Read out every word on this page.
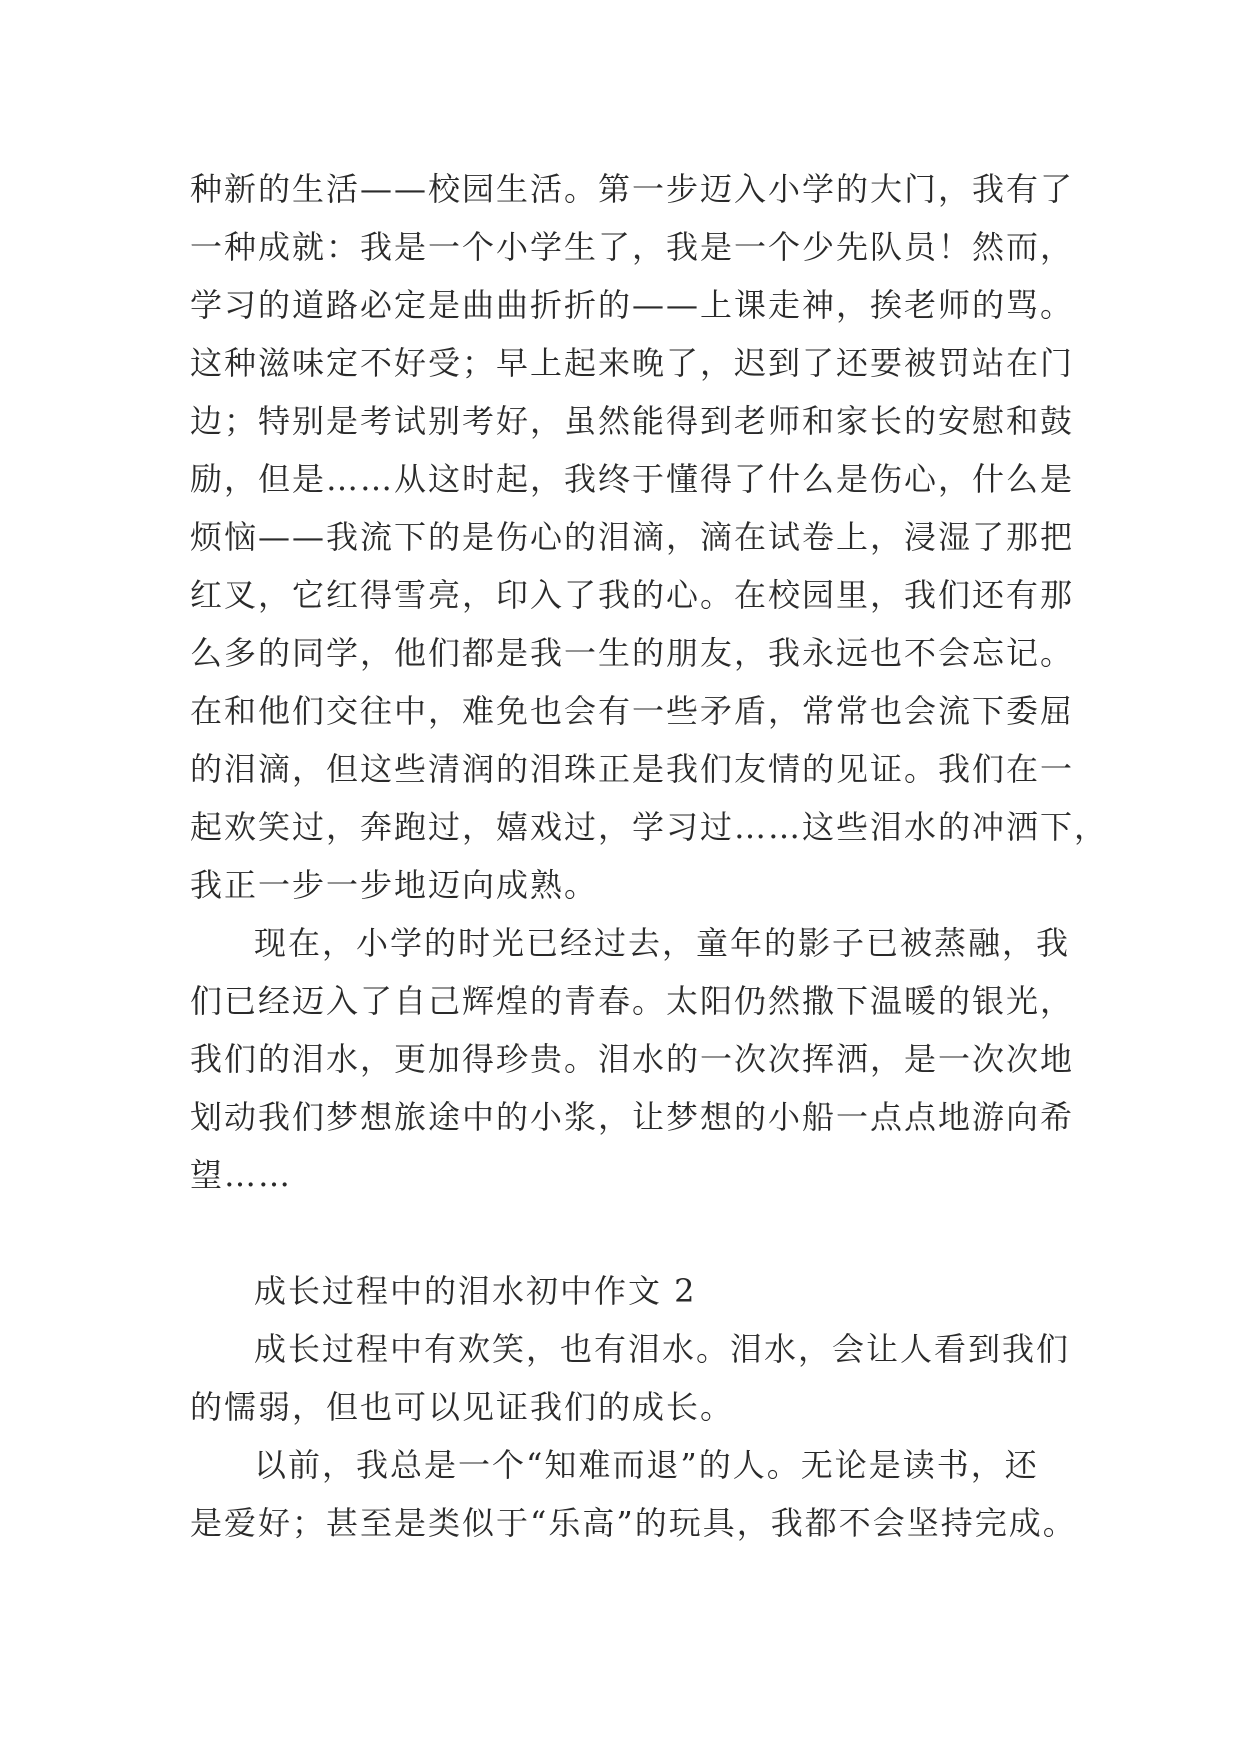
种新的生活——校园生活。第一步迈入小学的大门，我有了
一种成就：我是一个小学生了，我是一个少先队员！然而，
学习的道路必定是曲曲折折的——上课走神，挨老师的骂。
这种滋味定不好受；早上起来晚了，迟到了还要被罚站在门
边；特别是考试别考好，虽然能得到老师和家长的安慰和鼓
励，但是……从这时起，我终于懂得了什么是伤心，什么是
烦恼——我流下的是伤心的泪滴，滴在试卷上，浸湿了那把
红叉，它红得雪亮，印入了我的心。在校园里，我们还有那
么多的同学，他们都是我一生的朋友，我永远也不会忘记。
在和他们交往中，难免也会有一些矛盾，常常也会流下委屈
的泪滴，但这些清润的泪珠正是我们友情的见证。我们在一
起欢笑过，奔跑过，嬉戏过，学习过……这些泪水的冲洒下，
我正一步一步地迈向成熟。
现在，小学的时光已经过去，童年的影子已被蒸融，我
们已经迈入了自己辉煌的青春。太阳仍然撒下温暖的银光，
我们的泪水，更加得珍贵。泪水的一次次挥洒，是一次次地
划动我们梦想旅途中的小浆，让梦想的小船一点点地游向希
望……
成长过程中的泪水初中作文 2
成长过程中有欢笑，也有泪水。泪水，会让人看到我们
的懦弱，但也可以见证我们的成长。
以前，我总是一个“知难而退”的人。无论是读书，还
是爱好；甚至是类似于“乐高”的玩具，我都不会坚持完成。
